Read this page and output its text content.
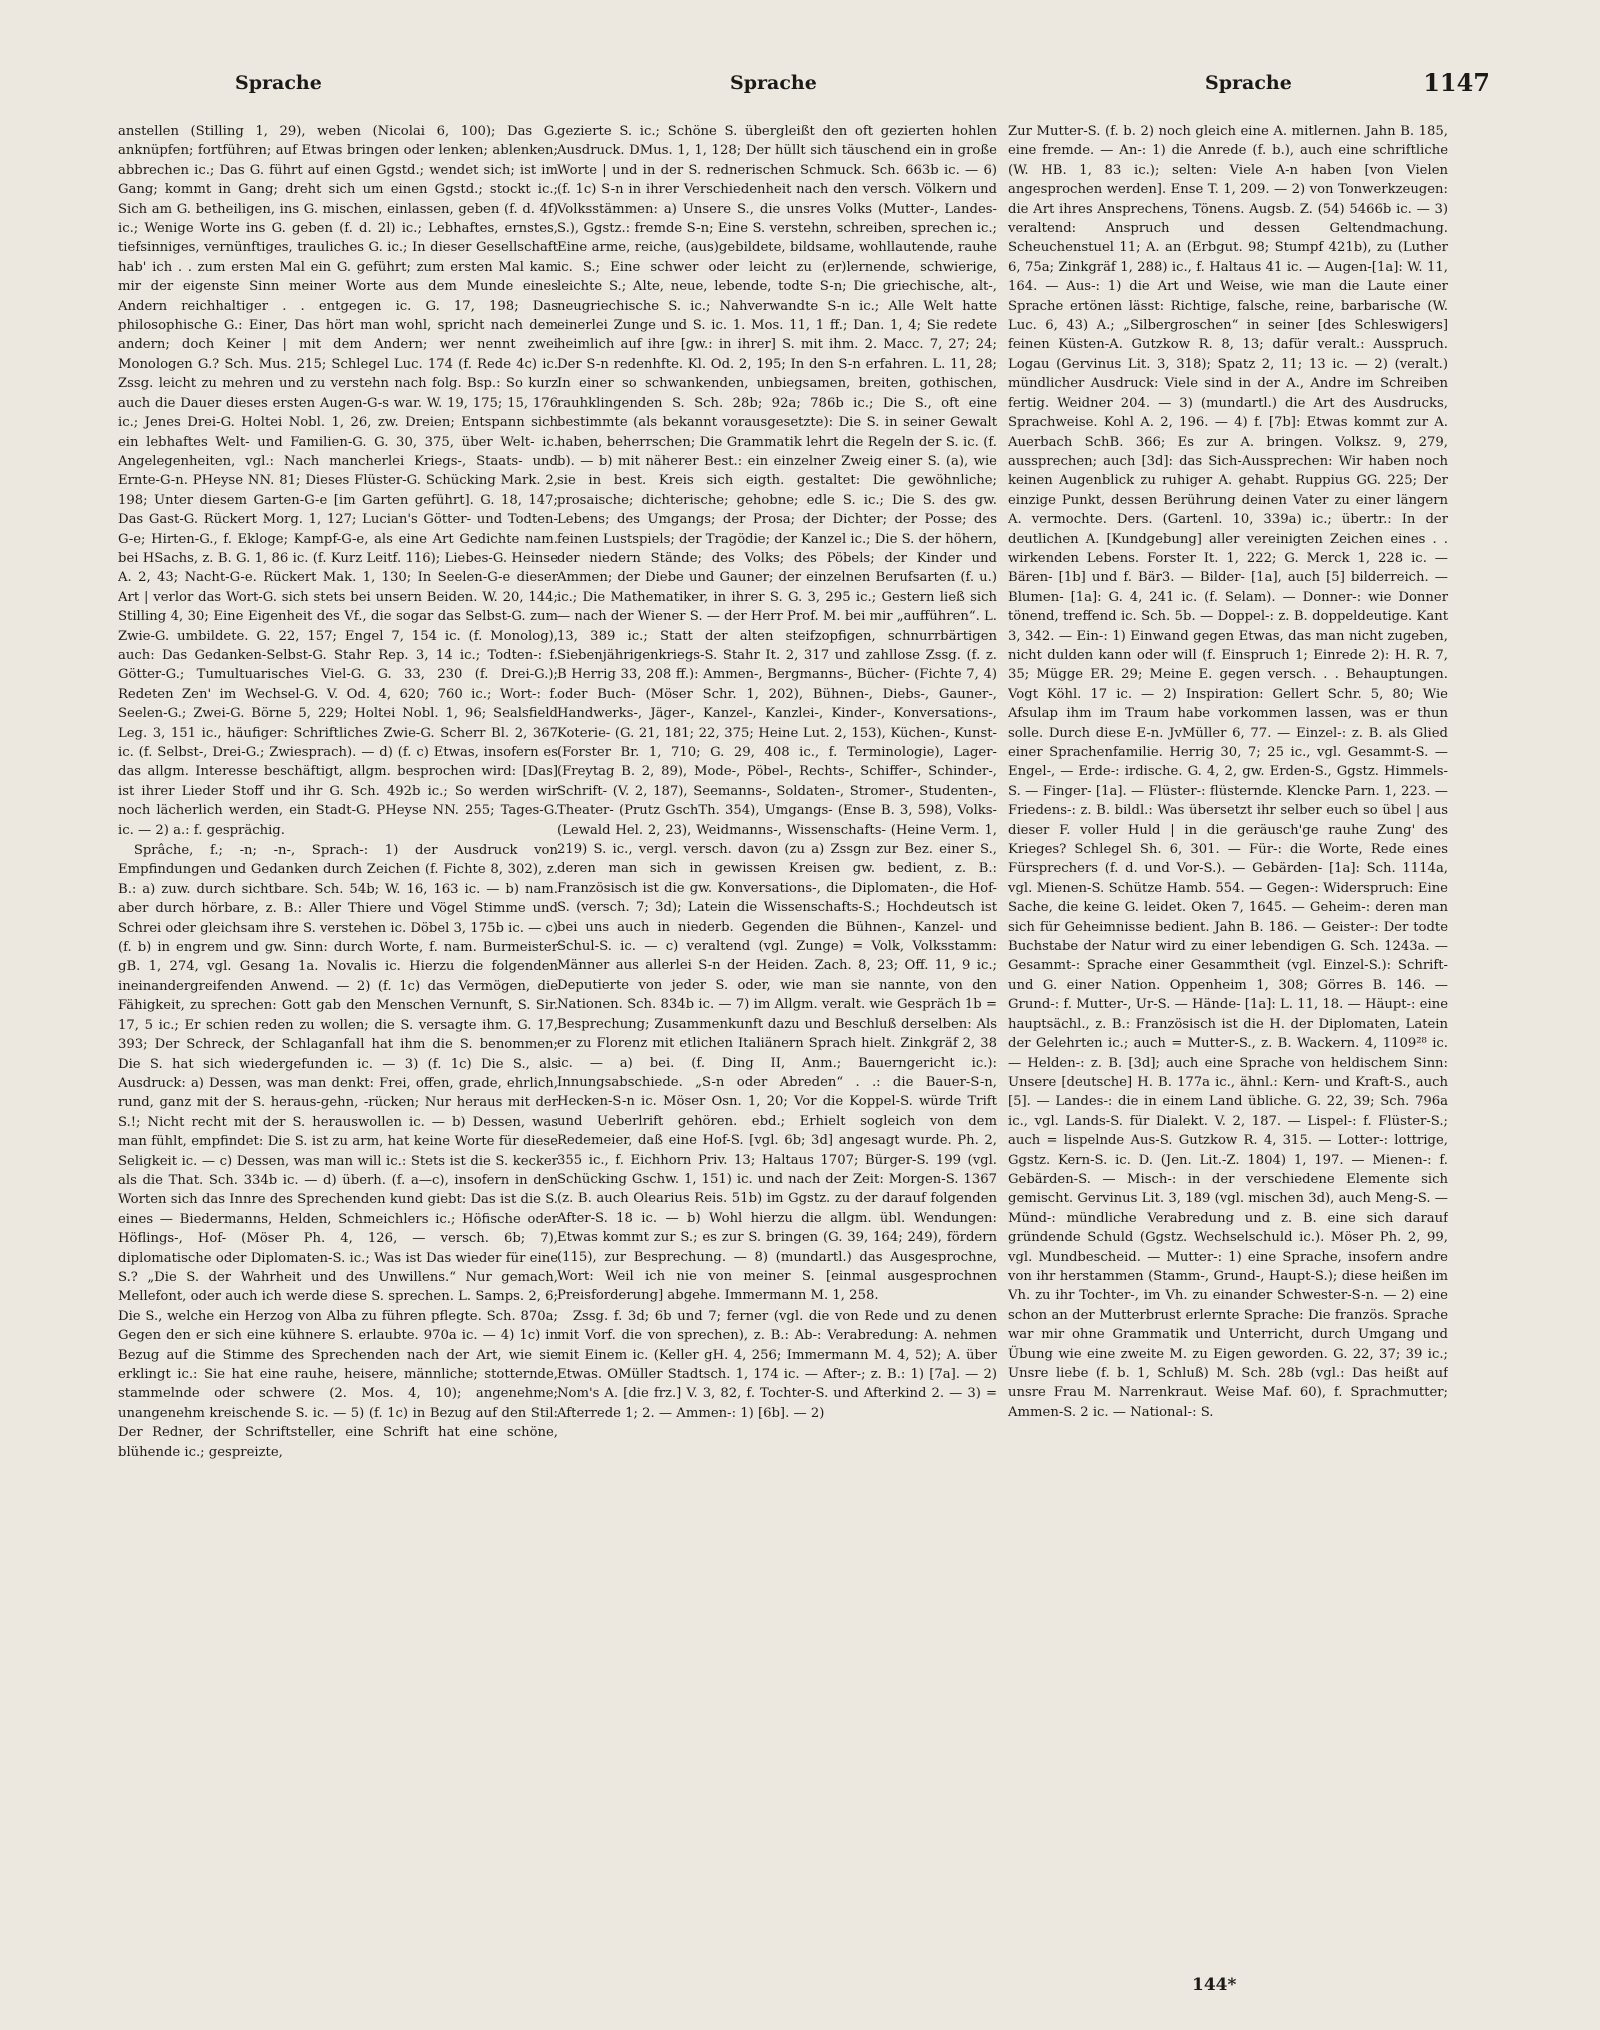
Sprache	Sprache	Sprache	1147

anstellen (Stilling 1, 29), weben (Nicolai 6, 100); Das G. anknüpfen; fortführen; auf Etwas bringen oder lenken; ablenken; abbrechen ic.; Das G. führt auf einen Ggstd.; wendet sich; ist im Gang; kommt in Gang; dreht sich um einen Ggstd.; stockt ic.; Sich am G. betheiligen, ins G. mischen, einlassen, geben (f. d. 4f) ic.; Wenige Worte ins G. geben (f. d. 2l) ic.; Lebhaftes, ernstes, tiefsinniges, vernünftiges, trauliches G. ic.; In dieser Gesellschaft hab' ich . . zum ersten Mal ein G. geführt; zum ersten Mal kam mir der eigenste Sinn meiner Worte aus dem Munde eines Andern reichhaltiger . . entgegen ic. G. 17, 198; Das philosophische G.: Einer, Das hört man wohl, spricht nach dem andern; doch Keiner | mit dem Andern; wer nennt zwei Monologen G.? Sch. Mus. 215; Schlegel Luc. 174 (f. Rede 4c) ic. Zssg. leicht zu mehren und zu verstehn nach folg. Bsp.: So kurz auch die Dauer dieses ersten Augen-G-s war. W. 19, 175; 15, 176 ic.; Jenes Drei-G. Holtei Nobl. 1, 26, zw. Dreien; Entspann sich ein lebhaftes Welt- und Familien-G. G. 30, 375, über Welt- ic. Angelegenheiten, vgl.: Nach mancherlei Kriegs-, Staats- und Ernte-G-n. PHeyse NN. 81; Dieses Flüster-G. Schücking Mark. 2, 198; Unter diesem Garten-G-e [im Garten geführt]. G. 18, 147; Das Gast-G. Rückert Morg. 1, 127; Lucian's Götter- und Todten-G-e; Hirten-G., f. Ekloge; Kampf-G-e, als eine Art Gedichte nam. bei HSachs, z. B. G. 1, 86 ic. (f. Kurz Leitf. 116); Liebes-G. Heinse A. 2, 43; Nacht-G-e. Rückert Mak. 1, 130; In Seelen-G-e dieser Art | verlor das Wort-G. sich stets bei unsern Beiden. W. 20, 144; Stilling 4, 30; Eine Eigenheit des Vf., die sogar das Selbst-G. zum Zwie-G. umbildete. G. 22, 157; Engel 7, 154 ic. (f. Monolog), auch: Das Gedanken-Selbst-G. Stahr Rep. 3, 14 ic.; Todten-: f. Götter-G.; Tumultuarisches Viel-G. G. 33, 230 (f. Drei-G.); Redeten Zen' im Wechsel-G. V. Od. 4, 620; 760 ic.; Wort-: f. Seelen-G.; Zwei-G. Börne 5, 229; Holtei Nobl. 1, 96; Sealsfield Leg. 3, 151 ic., häufiger: Schriftliches Zwie-G. Scherr Bl. 2, 367 ic. (f. Selbst-, Drei-G.; Zwiesprach). — d) (f. c) Etwas, insofern es das allgm. Interesse beschäftigt, allgm. besprochen wird: [Das] ist ihrer Lieder Stoff und ihr G. Sch. 492b ic.; So werden wir noch lächerlich werden, ein Stadt-G. PHeyse NN. 255; Tages-G. ic. — 2) a.: f. gesprächig.

Sprâche, f.; -n; -n-, Sprach-: 1) der Ausdruck von Empfindungen und Gedanken durch Zeichen (f. Fichte 8, 302), z. B.: a) zuw. durch sichtbare. Sch. 54b; W. 16, 163 ic. — b) nam. aber durch hörbare, z. B.: Aller Thiere und Vögel Stimme und Schrei oder gleichsam ihre S. verstehen ic. Döbel 3, 175b ic. — c) (f. b) in engrem und gw. Sinn: durch Worte, f. nam. Burmeister gB. 1, 274, vgl. Gesang 1a. Novalis ic. Hierzu die folgenden ineinandergreifenden Anwend. — 2) (f. 1c) das Vermögen, die Fähigkeit, zu sprechen: Gott gab den Menschen Vernunft, S. Sir. 17, 5 ic.; Er schien reden zu wollen; die S. versagte ihm. G. 17, 393; Der Schreck, der Schlaganfall hat ihm die S. benommen; Die S. hat sich wiedergefunden ic. — 3) (f. 1c) Die S., als Ausdruck: a) Dessen, was man denkt: Frei, offen, grade, ehrlich, rund, ganz mit der S. heraus-gehn, -rücken; Nur heraus mit der S.!; Nicht recht mit der S. herauswollen ic. — b) Dessen, was man fühlt, empfindet: Die S. ist zu arm, hat keine Worte für diese Seligkeit ic. — c) Dessen, was man will ic.: Stets ist die S. kecker als die That. Sch. 334b ic. — d) überh. (f. a—c), insofern in den Worten sich das Innre des Sprechenden kund giebt: Das ist die S. eines — Biedermanns, Helden, Schmeichlers ic.; Höfische oder Höflings-, Hof- (Möser Ph. 4, 126, — versch. 6b; 7), diplomatische oder Diplomaten-S. ic.; Was ist Das wieder für eine S.? „Die S. der Wahrheit und des Unwillens.“ Nur gemach, Mellefont, oder auch ich werde diese S. sprechen. L. Samps. 2, 6; Die S., welche ein Herzog von Alba zu führen pflegte. Sch. 870a; Gegen den er sich eine kühnere S. erlaubte. 970a ic. — 4) 1c) in Bezug auf die Stimme des Sprechenden nach der Art, wie sie erklingt ic.: Sie hat eine rauhe, heisere, männliche; stotternde, stammelnde oder schwere (2. Mos. 4, 10); angenehme; unangenehm kreischende S. ic. — 5) (f. 1c) in Bezug auf den Stil: Der Redner, der Schriftsteller, eine Schrift hat eine schöne, blühende ic.; gespreizte,

gezierte S. ic.; Schöne S. übergleißt den oft gezierten hohlen Ausdruck. DMus. 1, 1, 128; Der hüllt sich täuschend ein in große Worte | und in der S. rednerischen Schmuck. Sch. 663b ic. — 6) (f. 1c) S-n in ihrer Verschiedenheit nach den versch. Völkern und Volksstämmen: a) Unsere S., die unsres Volks (Mutter-, Landes-S.), Ggstz.: fremde S-n; Eine S. verstehn, schreiben, sprechen ic.; Eine arme, reiche, (aus)gebildete, bildsame, wohllautende, rauhe ic. S.; Eine schwer oder leicht zu (er)lernende, schwierige, leichte S.; Alte, neue, lebende, todte S-n; Die griechische, alt-, neugriechische S. ic.; Nahverwandte S-n ic.; Alle Welt hatte einerlei Zunge und S. ic. 1. Mos. 11, 1 ff.; Dan. 1, 4; Sie redete heimlich auf ihre [gw.: in ihrer] S. mit ihm. 2. Macc. 7, 27; 24; Der S-n redenhfte. Kl. Od. 2, 195; In den S-n erfahren. L. 11, 28; In einer so schwankenden, unbiegsamen, breiten, gothischen, rauhklingenden S. Sch. 28b; 92a; 786b ic.; Die S., oft eine bestimmte (als bekannt vorausgesetzte): Die S. in seiner Gewalt haben, beherrschen; Die Grammatik lehrt die Regeln der S. ic. (f. b). — b) mit näherer Best.: ein einzelner Zweig einer S. (a), wie sie in best. Kreis sich eigth. gestaltet: Die gewöhnliche; prosaische; dichterische; gehobne; edle S. ic.; Die S. des gw. Lebens; des Umgangs; der Prosa; der Dichter; der Posse; des feinen Lustspiels; der Tragödie; der Kanzel ic.; Die S. der höhern, der niedern Stände; des Volks; des Pöbels; der Kinder und Ammen; der Diebe und Gauner; der einzelnen Berufsarten (f. u.) ic.; Die Mathematiker, in ihrer S. G. 3, 295 ic.; Gestern ließ sich — nach der Wiener S. — der Herr Prof. M. bei mir „aufführen“. L. 13, 389 ic.; Statt der alten steifzopfigen, schnurrbärtigen Siebenjährigenkriegs-S. Stahr It. 2, 317 und zahllose Zssg. (f. z. B Herrig 33, 208 ff.): Ammen-, Bergmanns-, Bücher- (Fichte 7, 4) oder Buch- (Möser Schr. 1, 202), Bühnen-, Diebs-, Gauner-, Handwerks-, Jäger-, Kanzel-, Kanzlei-, Kinder-, Konversations-, Koterie- (G. 21, 181; 22, 375; Heine Lut. 2, 153), Küchen-, Kunst- (Forster Br. 1, 710; G. 29, 408 ic., f. Terminologie), Lager- (Freytag B. 2, 89), Mode-, Pöbel-, Rechts-, Schiffer-, Schinder-, Schrift- (V. 2, 187), Seemanns-, Soldaten-, Stromer-, Studenten-, Theater- (Prutz GschTh. 354), Umgangs- (Ense B. 3, 598), Volks- (Lewald Hel. 2, 23), Weidmanns-, Wissenschafts- (Heine Verm. 1, 219) S. ic., vergl. versch. davon (zu a) Zssgn zur Bez. einer S., deren man sich in gewissen Kreisen gw. bedient, z. B.: Französisch ist die gw. Konversations-, die Diplomaten-, die Hof-S. (versch. 7; 3d); Latein die Wissenschafts-S.; Hochdeutsch ist bei uns auch in niederb. Gegenden die Bühnen-, Kanzel- und Schul-S. ic. — c) veraltend (vgl. Zunge) = Volk, Volksstamm: Männer aus allerlei S-n der Heiden. Zach. 8, 23; Off. 11, 9 ic.; Deputierte von jeder S. oder, wie man sie nannte, von den Nationen. Sch. 834b ic. — 7) im Allgm. veralt. wie Gespräch 1b = Besprechung; Zusammenkunft dazu und Beschluß derselben: Als er zu Florenz mit etlichen Italiänern Sprach hielt. Zinkgräf 2, 38 ic. — a) bei. (f. Ding II, Anm.; Bauerngericht ic.): Innungsabschiede. „S-n oder Abreden“ . .: die Bauer-S-n, Hecken-S-n ic. Möser Osn. 1, 20; Vor die Koppel-S. würde Trift und Ueberlrift gehören. ebd.; Erhielt sogleich von dem Redemeier, daß eine Hof-S. [vgl. 6b; 3d] angesagt wurde. Ph. 2, 355 ic., f. Eichhorn Priv. 13; Haltaus 1707; Bürger-S. 199 (vgl. Schücking Gschw. 1, 151) ic. und nach der Zeit: Morgen-S. 1367 (z. B. auch Olearius Reis. 51b) im Ggstz. zu der darauf folgenden After-S. 18 ic. — b) Wohl hierzu die allgm. übl. Wendungen: Etwas kommt zur S.; es zur S. bringen (G. 39, 164; 249), fördern (115), zur Besprechung. — 8) (mundartl.) das Ausgesprochne, Wort: Weil ich nie von meiner S. [einmal ausgesprochnen Preisforderung] abgehe. Immermann M. 1, 258.

Zssg. f. 3d; 6b und 7; ferner (vgl. die von Rede und zu denen mit Vorf. die von sprechen), z. B.: Ab-: Verabredung: A. nehmen mit Einem ic. (Keller gH. 4, 256; Immermann M. 4, 52); A. über Etwas. OMüller Stadtsch. 1, 174 ic. — After-; z. B.: 1) [7a]. — 2) Nom's A. [die frz.] V. 3, 82, f. Tochter-S. und Afterkind 2. — 3) = Afterrede 1; 2. — Ammen-: 1) [6b]. — 2)

Zur Mutter-S. (f. b. 2) noch gleich eine A. mitlernen. Jahn B. 185, eine fremde. — An-: 1) die Anrede (f. b.), auch eine schriftliche (W. HB. 1, 83 ic.); selten: Viele A-n haben [von Vielen angesprochen werden]. Ense T. 1, 209. — 2) von Tonwerkzeugen: die Art ihres Ansprechens, Tönens. Augsb. Z. (54) 5466b ic. — 3) veraltend: Anspruch und dessen Geltendmachung. Scheuchenstuel 11; A. an (Erbgut. 98; Stumpf 421b), zu (Luther 6, 75a; Zinkgräf 1, 288) ic., f. Haltaus 41 ic. — Augen-[1a]: W. 11, 164. — Aus-: 1) die Art und Weise, wie man die Laute einer Sprache ertönen lässt: Richtige, falsche, reine, barbarische (W. Luc. 6, 43) A.; „Silbergroschen“ in seiner [des Schleswigers] feinen Küsten-A. Gutzkow R. 8, 13; dafür veralt.: Ausspruch. Logau (Gervinus Lit. 3, 318); Spatz 2, 11; 13 ic. — 2) (veralt.) mündlicher Ausdruck: Viele sind in der A., Andre im Schreiben fertig. Weidner 204. — 3) (mundartl.) die Art des Ausdrucks, Sprachweise. Kohl A. 2, 196. — 4) f. [7b]: Etwas kommt zur A. Auerbach SchB. 366; Es zur A. bringen. Volksz. 9, 279, aussprechen; auch [3d]: das Sich-Aussprechen: Wir haben noch keinen Augenblick zu ruhiger A. gehabt. Ruppius GG. 225; Der einzige Punkt, dessen Berührung deinen Vater zu einer längern A. vermochte. Ders. (Gartenl. 10, 339a) ic.; übertr.: In der deutlichen A. [Kundgebung] aller vereinigten Zeichen eines . . wirkenden Lebens. Forster It. 1, 222; G. Merck 1, 228 ic. — Bären- [1b] und f. Bär3. — Bilder- [1a], auch [5] bilderreich. — Blumen- [1a]: G. 4, 241 ic. (f. Selam). — Donner-: wie Donner tönend, treffend ic. Sch. 5b. — Doppel-: z. B. doppeldeutige. Kant 3, 342. — Ein-: 1) Einwand gegen Etwas, das man nicht zugeben, nicht dulden kann oder will (f. Einspruch 1; Einrede 2): H. R. 7, 35; Mügge ER. 29; Meine E. gegen versch. . . Behauptungen. Vogt Köhl. 17 ic. — 2) Inspiration: Gellert Schr. 5, 80; Wie Afsulap ihm im Traum habe vorkommen lassen, was er thun solle. Durch diese E-n. JvMüller 6, 77. — Einzel-: z. B. als Glied einer Sprachenfamilie. Herrig 30, 7; 25 ic., vgl. Gesammt-S. — Engel-, — Erde-: irdische. G. 4, 2, gw. Erden-S., Ggstz. Himmels-S. — Finger- [1a]. — Flüster-: flüsternde. Klencke Parn. 1, 223. — Friedens-: z. B. bildl.: Was übersetzt ihr selber euch so übel | aus dieser F. voller Huld | in die geräusch'ge rauhe Zung' des Krieges? Schlegel Sh. 6, 301. — Für-: die Worte, Rede eines Fürsprechers (f. d. und Vor-S.). — Gebärden- [1a]: Sch. 1114a, vgl. Mienen-S. Schütze Hamb. 554. — Gegen-: Widerspruch: Eine Sache, die keine G. leidet. Oken 7, 1645. — Geheim-: deren man sich für Geheimnisse bedient. Jahn B. 186. — Geister-: Der todte Buchstabe der Natur wird zu einer lebendigen G. Sch. 1243a. — Gesammt-: Sprache einer Gesammtheit (vgl. Einzel-S.): Schrift- und G. einer Nation. Oppenheim 1, 308; Görres B. 146. — Grund-: f. Mutter-, Ur-S. — Hände- [1a]: L. 11, 18. — Häupt-: eine hauptsächl., z. B.: Französisch ist die H. der Diplomaten, Latein der Gelehrten ic.; auch = Mutter-S., z. B. Wackern. 4, 1109²⁸ ic. — Helden-: z. B. [3d]; auch eine Sprache von heldischem Sinn: Unsere [deutsche] H. B. 177a ic., ähnl.: Kern- und Kraft-S., auch [5]. — Landes-: die in einem Land übliche. G. 22, 39; Sch. 796a ic., vgl. Lands-S. für Dialekt. V. 2, 187. — Lispel-: f. Flüster-S.; auch = lispelnde Aus-S. Gutzkow R. 4, 315. — Lotter-: lottrige, Ggstz. Kern-S. ic. D. (Jen. Lit.-Z. 1804) 1, 197. — Mienen-: f. Gebärden-S. — Misch-: in der verschiedene Elemente sich gemischt. Gervinus Lit. 3, 189 (vgl. mischen 3d), auch Meng-S. — Münd-: mündliche Verabredung und z. B. eine sich darauf gründende Schuld (Ggstz. Wechselschuld ic.). Möser Ph. 2, 99, vgl. Mundbescheid. — Mutter-: 1) eine Sprache, insofern andre von ihr herstammen (Stamm-, Grund-, Haupt-S.); diese heißen im Vh. zu ihr Tochter-, im Vh. zu einander Schwester-S-n. — 2) eine schon an der Mutterbrust erlernte Sprache: Die französ. Sprache war mir ohne Grammatik und Unterricht, durch Umgang und Übung wie eine zweite M. zu Eigen geworden. G. 22, 37; 39 ic.; Unsre liebe (f. b. 1, Schluß) M. Sch. 28b (vgl.: Das heißt auf unsre Frau M. Narrenkraut. Weise Maf. 60), f. Sprachmutter; Ammen-S. 2 ic. — National-: S.

144*
